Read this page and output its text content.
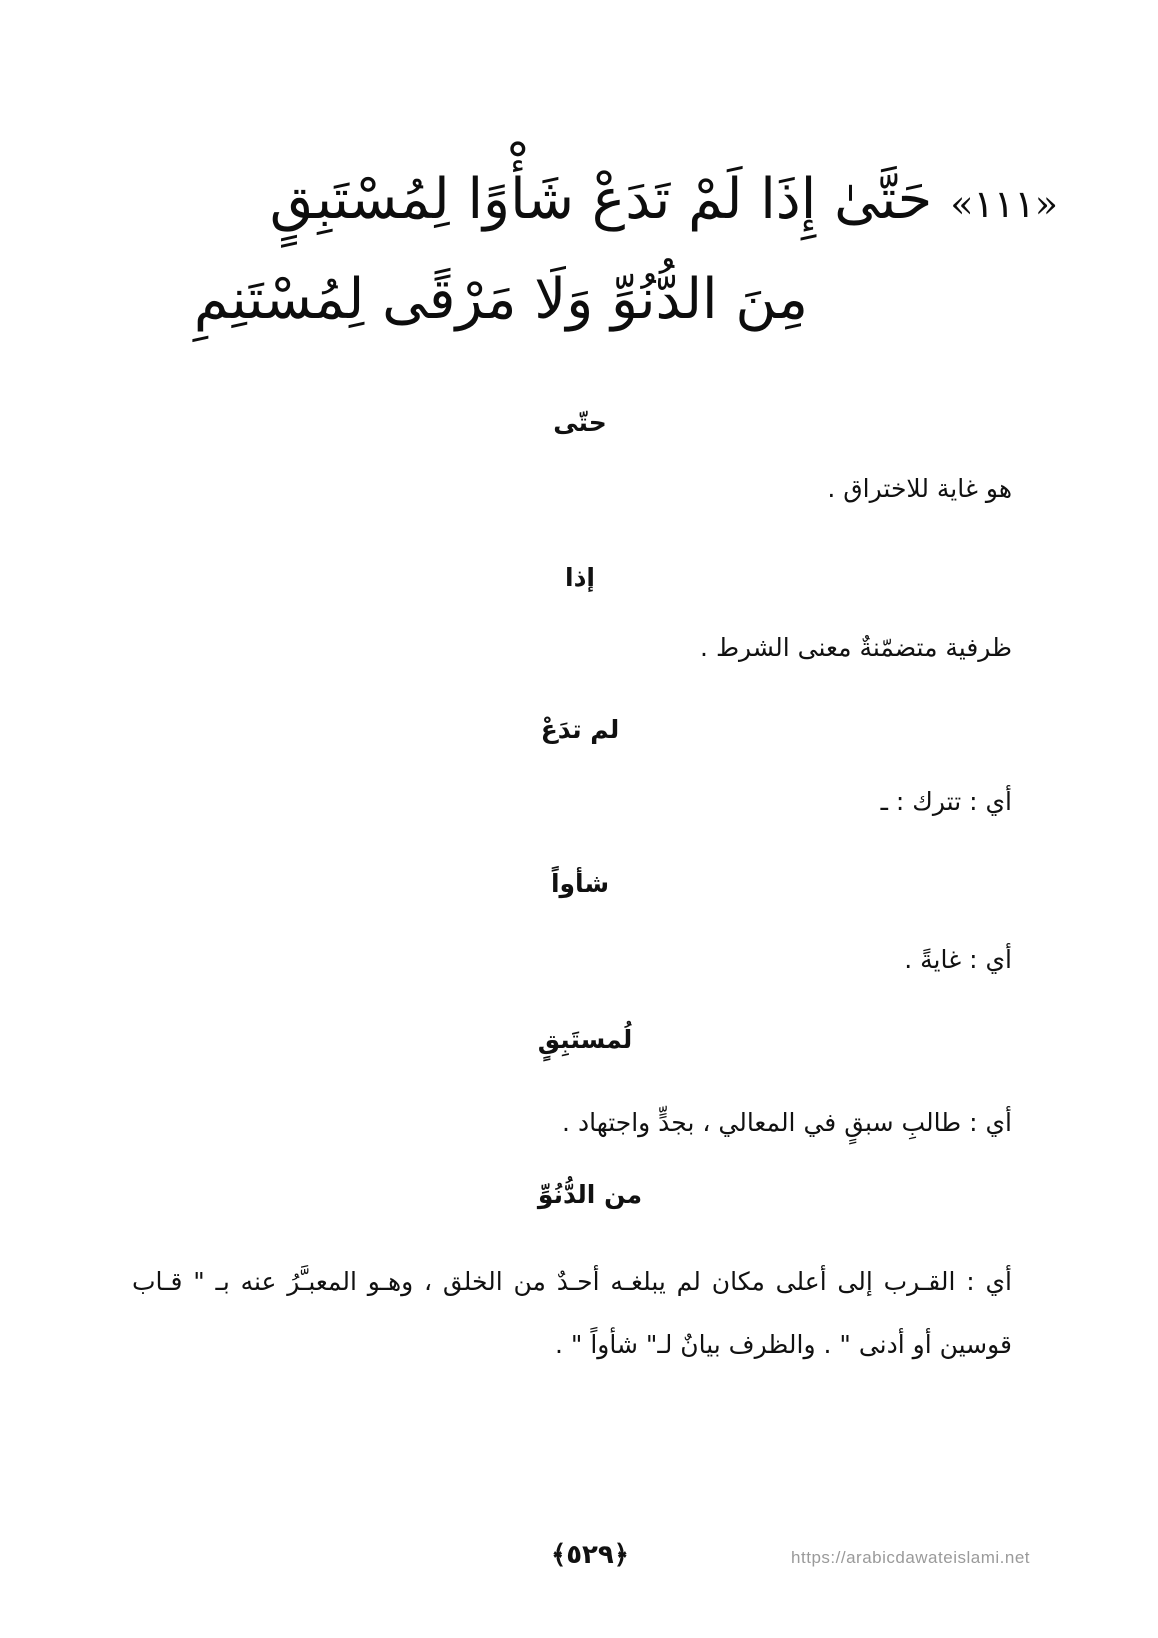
«١١١»حَتَّىٰ إِذَا لَمْ تَدَعْ شَأْوًا لِمُسْتَبِقٍ
مِنَ الدُّنُوِّ وَلَا مَرْقًى لِمُسْتَنِمِ
حتّى
هو غاية للاختراق .
إذا
ظرفية متضمّنةٌ معنى الشرط .
لم تدَعْ
أي : تترك : ـ
شأواً
أي : غايةً .
لُمستَبِقٍ
أي : طالبِ سبقٍ في المعالي ، بجدٍّ واجتهاد .
من الدُّنُوِّ
أي : القـرب إلى أعلى مكان لم يبلغـه أحـدٌ من الخلق ، وهـو المعبـَّرُ عنه بـ " قـاب قوسين أو أدنى " . والظرف بيانٌ لـ" شأواً " .
﴿٥٢٩﴾	https://arabicdawateislami.net
